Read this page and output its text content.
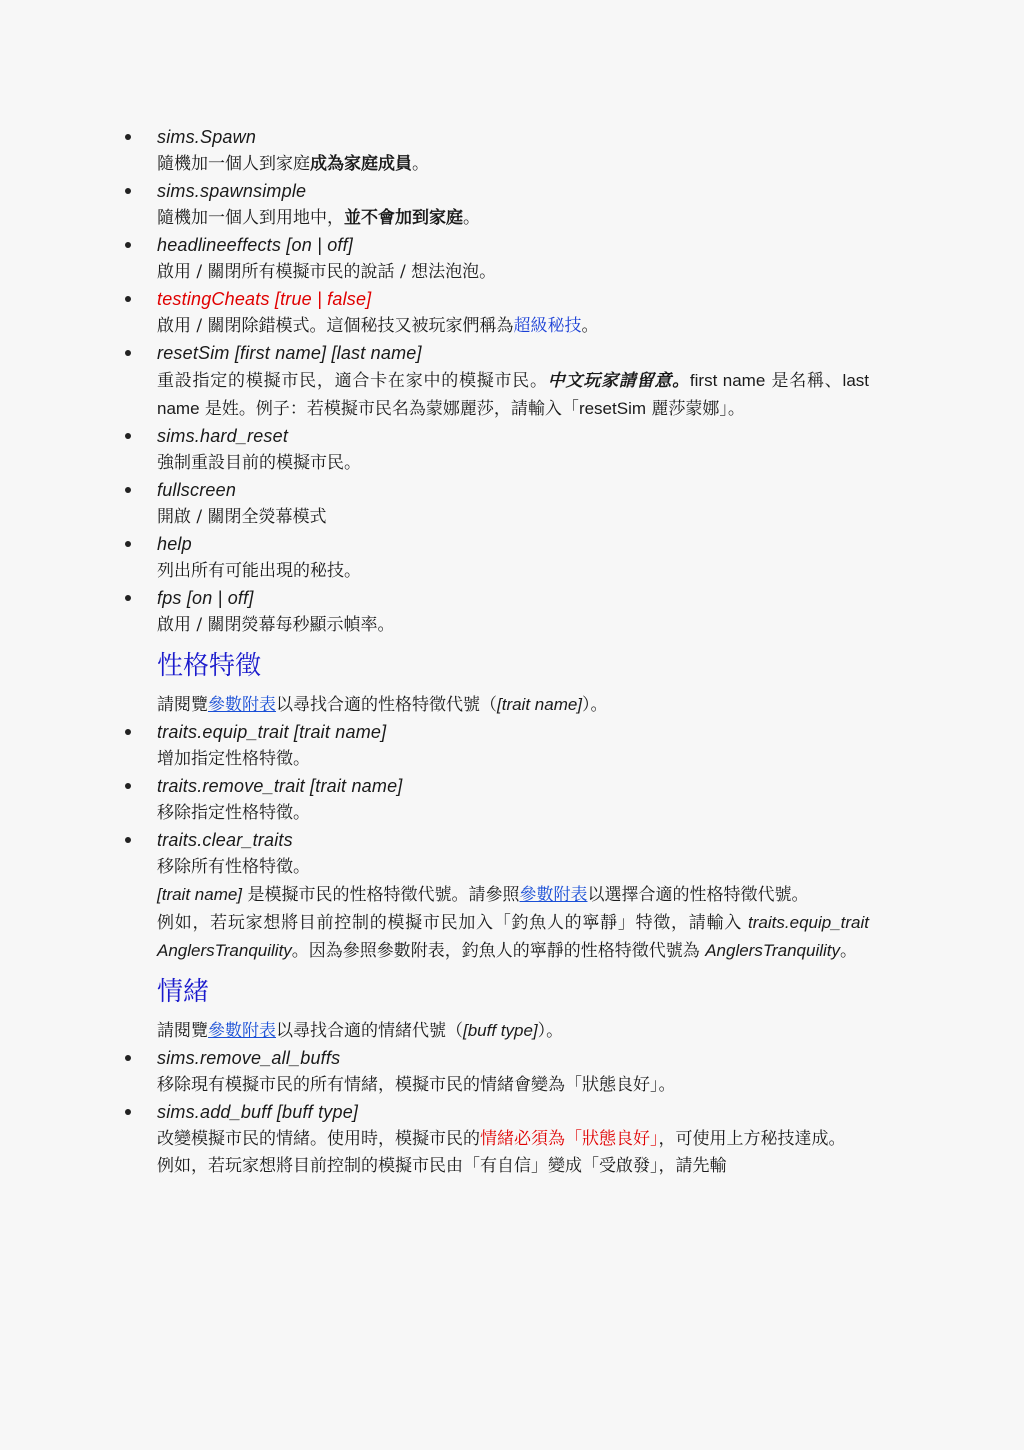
sims.Spawn
隨機加一個人到家庭成為家庭成員。
sims.spawnsimple
隨機加一個人到用地中，並不會加到家庭。
headlineeffects [on | off]
啟用 / 關閉所有模擬市民的說話 / 想法泡泡。
testingCheats [true | false]
啟用 / 關閉除錯模式。這個秘技又被玩家們稱為超級秘技。
resetSim [first name] [last name]
重設指定的模擬市民，適合卡在家中的模擬市民。中文玩家請留意。first name 是名稱、last name 是姓。例子：若模擬市民名為蒙娜麗莎，請輸入「resetSim 麗莎蒙娜」。
sims.hard_reset
強制重設目前的模擬市民。
fullscreen
開啟 / 關閉全熒幕模式
help
列出所有可能出現的秘技。
fps [on | off]
啟用 / 關閉熒幕每秒顯示幀率。
性格特徵
請閱覽參數附表以尋找合適的性格特徵代號（[trait name]）。
traits.equip_trait [trait name]
增加指定性格特徵。
traits.remove_trait [trait name]
移除指定性格特徵。
traits.clear_traits
移除所有性格特徵。
[trait name] 是模擬市民的性格特徵代號。請參照參數附表以選擇合適的性格特徵代號。
例如，若玩家想將目前控制的模擬市民加入「釣魚人的寧靜」特徵，請輸入 traits.equip_trait AnglersTranquility。因為參照參數附表，釣魚人的寧靜的性格特徵代號為 AnglersTranquility。
情緒
請閱覽參數附表以尋找合適的情緒代號（[buff type]）。
sims.remove_all_buffs
移除現有模擬市民的所有情緒，模擬市民的情緒會變為「狀態良好」。
sims.add_buff [buff type]
改變模擬市民的情緒。使用時，模擬市民的情緒必須為「狀態良好」，可使用上方秘技達成。
例如，若玩家想將目前控制的模擬市民由「有自信」變成「受啟發」，請先輸
